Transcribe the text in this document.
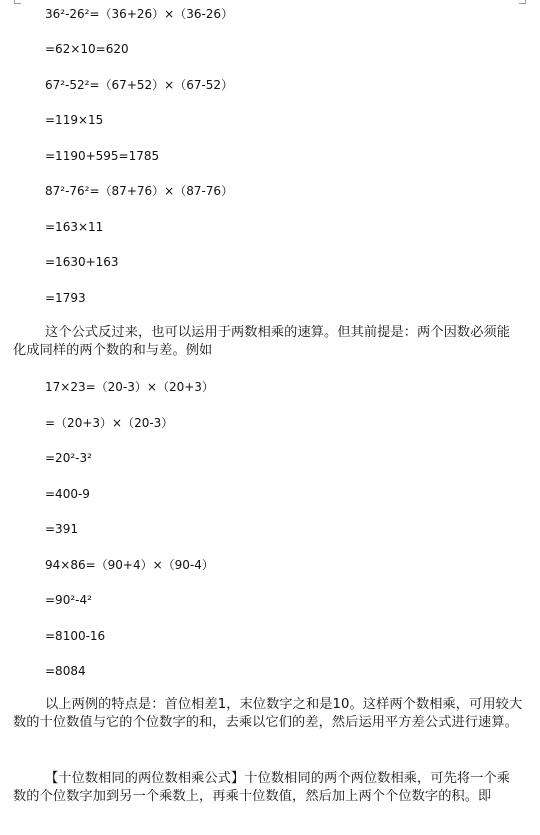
36²-26²=（36+26）×（36-26）
=62×10=620
67²-52²=（67+52）×（67-52）
=119×15
=1190+595=1785
87²-76²=（87+76）×（87-76）
=163×11
=1630+163
=1793

这个公式反过来，也可以运用于两数相乘的速算。但其前提是：两个因数必须能化成同样的两个数的和与差。例如

17×23=（20-3）×（20+3）
=（20+3）×（20-3）
=20²-3²
=400-9
=391
94×86=（90+4）×（90-4）
=90²-4²
=8100-16
=8084

以上两例的特点是：首位相差1，末位数字之和是10。这样两个数相乘，可用较大数的十位数值与它的个位数字的和，去乘以它们的差，然后运用平方差公式进行速算。

【十位数相同的两位数相乘公式】十位数相同的两个两位数相乘，可先将一个乘数的个位数字加到另一个乘数上，再乘十位数值，然后加上两个个位数字的积。即
